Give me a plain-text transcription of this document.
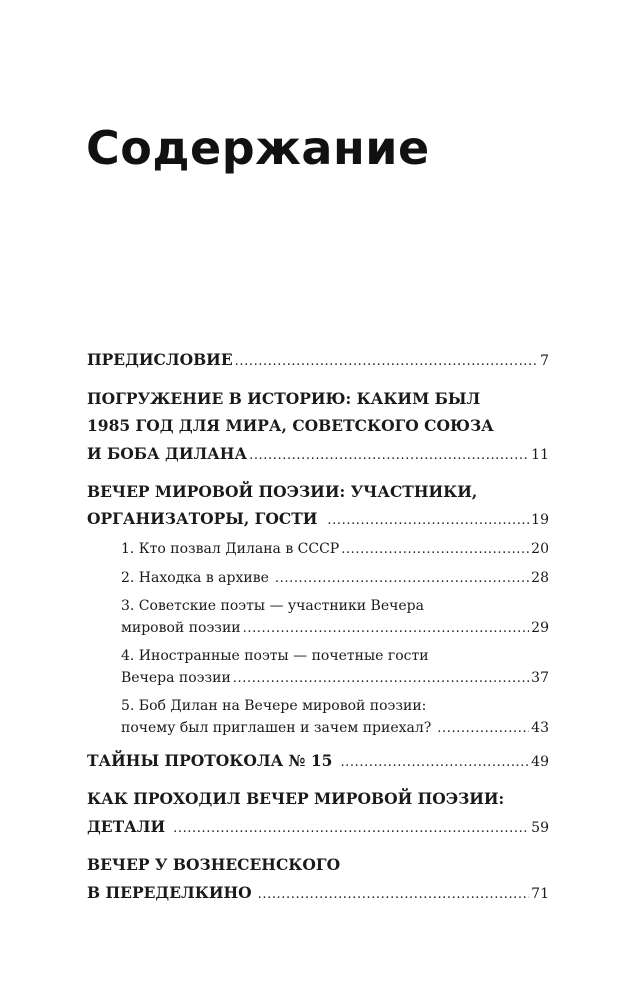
Содержание
ПРЕДИСЛОВИЕ .....	7
ПОГРУЖЕНИЕ В ИСТОРИЮ: КАКИМ БЫЛ
1985 ГОД ДЛЯ МИРА, СОВЕТСКОГО СОЮЗА
И БОБА ДИЛАНА .....	11
ВЕЧЕР МИРОВОЙ ПОЭЗИИ: УЧАСТНИКИ,
ОРГАНИЗАТОРЫ, ГОСТИ .....	19
1. Кто позвал Дилана в СССР .....	20
2. Находка в архиве .....	28
3. Советские поэты — участники Вечера
мировой поэзии .....	29
4. Иностранные поэты — почетные гости
Вечера поэзии .....	37
5. Боб Дилан на Вечере мировой поэзии:
почему был приглашен и зачем приехал? .....	43
ТАЙНЫ ПРОТОКОЛА № 15 .....	49
КАК ПРОХОДИЛ ВЕЧЕР МИРОВОЙ ПОЭЗИИ:
ДЕТАЛИ .....	59
ВЕЧЕР У ВОЗНЕСЕНСКОГО
В ПЕРЕДЕЛКИНО .....	71
